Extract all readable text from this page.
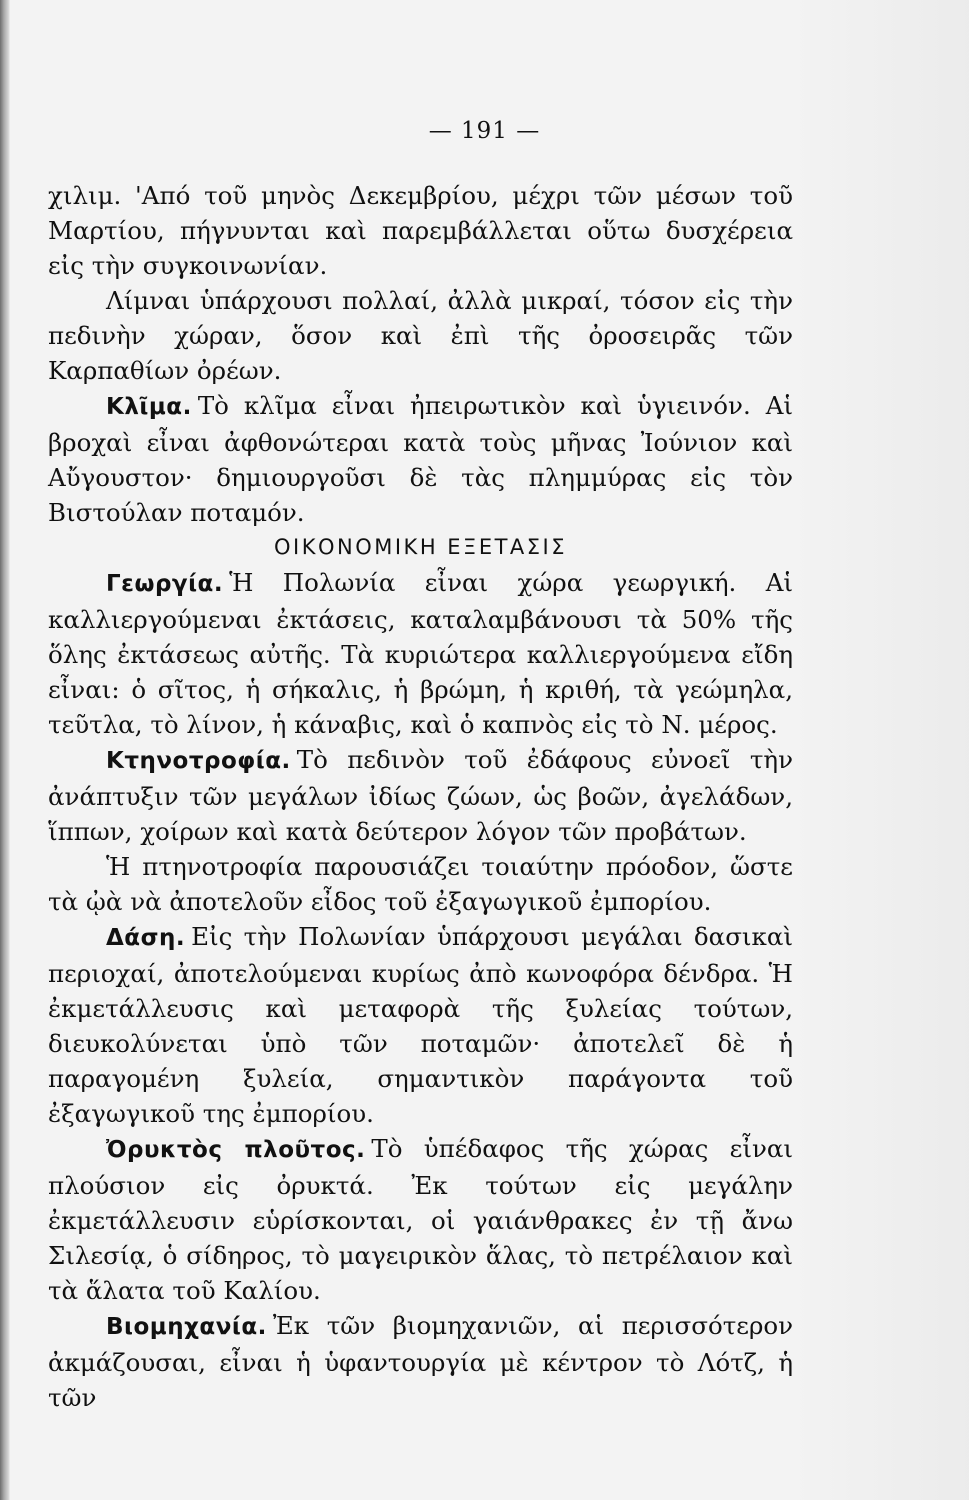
— 191 —

χιλιμ. 'Από τοῦ μηνὸς Δεκεμβρίου, μέχρι τῶν μέσων τοῦ Μαρτίου, πήγνυνται καὶ παρεμβάλλεται οὕτω δυσχέρεια εἰς τὴν συγκοινωνίαν.

Λίμναι ὑπάρχουσι πολλαί, ἀλλὰ μικραί, τόσον εἰς τὴν πεδινὴν χώραν, ὅσον καὶ ἐπὶ τῆς ὀροσειρᾶς τῶν Καρπαθίων ὀρέων.

Κλῖμα. Τὸ κλῖμα εἶναι ἠπειρωτικὸν καὶ ὑγιεινόν. Αἱ βροχαὶ εἶναι ἀφθονώτεραι κατὰ τοὺς μῆνας Ἰούνιον καὶ Αὔγουστον· δημιουργοῦσι δὲ τὰς πλημμύρας εἰς τὸν Βιστούλαν ποταμόν.

ΟΙΚΟΝΟΜΙΚΗ ΕΞΕΤΑΣΙΣ

Γεωργία. Ἡ Πολωνία εἶναι χώρα γεωργική. Αἱ καλλιεργούμεναι ἐκτάσεις, καταλαμβάνουσι τὰ 50% τῆς ὅλης ἐκτάσεως αὐτῆς. Τὰ κυριώτερα καλλιεργούμενα εἴδη εἶναι: ὁ σῖτος, ἡ σήκαλις, ἡ βρώμη, ἡ κριθή, τὰ γεώμηλα, τεῦτλα, τὸ λίνον, ἡ κάναβις, καὶ ὁ καπνὸς εἰς τὸ Ν. μέρος.

Κτηνοτροφία. Τὸ πεδινὸν τοῦ ἐδάφους εὐνοεῖ τὴν ἀνάπτυξιν τῶν μεγάλων ἰδίως ζώων, ὡς βοῶν, ἀγελάδων, ἵππων, χοίρων καὶ κατὰ δεύτερον λόγον τῶν προβάτων.

Ἡ πτηνοτροφία παρουσιάζει τοιαύτην πρόοδον, ὥστε τὰ ᾠὰ νὰ ἀποτελοῦν εἶδος τοῦ ἐξαγωγικοῦ ἐμπορίου.

Δάση. Εἰς τὴν Πολωνίαν ὑπάρχουσι μεγάλαι δασικαὶ περιοχαί, ἀποτελούμεναι κυρίως ἀπὸ κωνοφόρα δένδρα. Ἡ ἐκμετάλλευσις καὶ μεταφορὰ τῆς ξυλείας τούτων, διευκολύνεται ὑπὸ τῶν ποταμῶν· ἀποτελεῖ δὲ ἡ παραγομένη ξυλεία, σημαντικὸν παράγοντα τοῦ ἐξαγωγικοῦ της ἐμπορίου.

Ὀρυκτὸς πλοῦτος. Τὸ ὑπέδαφος τῆς χώρας εἶναι πλούσιον εἰς ὀρυκτά. Ἐκ τούτων εἰς μεγάλην ἐκμετάλλευσιν εὑρίσκονται, οἱ γαιάνθρακες ἐν τῇ ἄνω Σιλεσίᾳ, ὁ σίδηρος, τὸ μαγειρικὸν ἅλας, τὸ πετρέλαιον καὶ τὰ ἅλατα τοῦ Καλίου.

Βιομηχανία. Ἐκ τῶν βιομηχανιῶν, αἱ περισσότερον ἀκμάζουσαι, εἶναι ἡ ὑφαντουργία μὲ κέντρον τὸ Λότζ, ἡ τῶν
